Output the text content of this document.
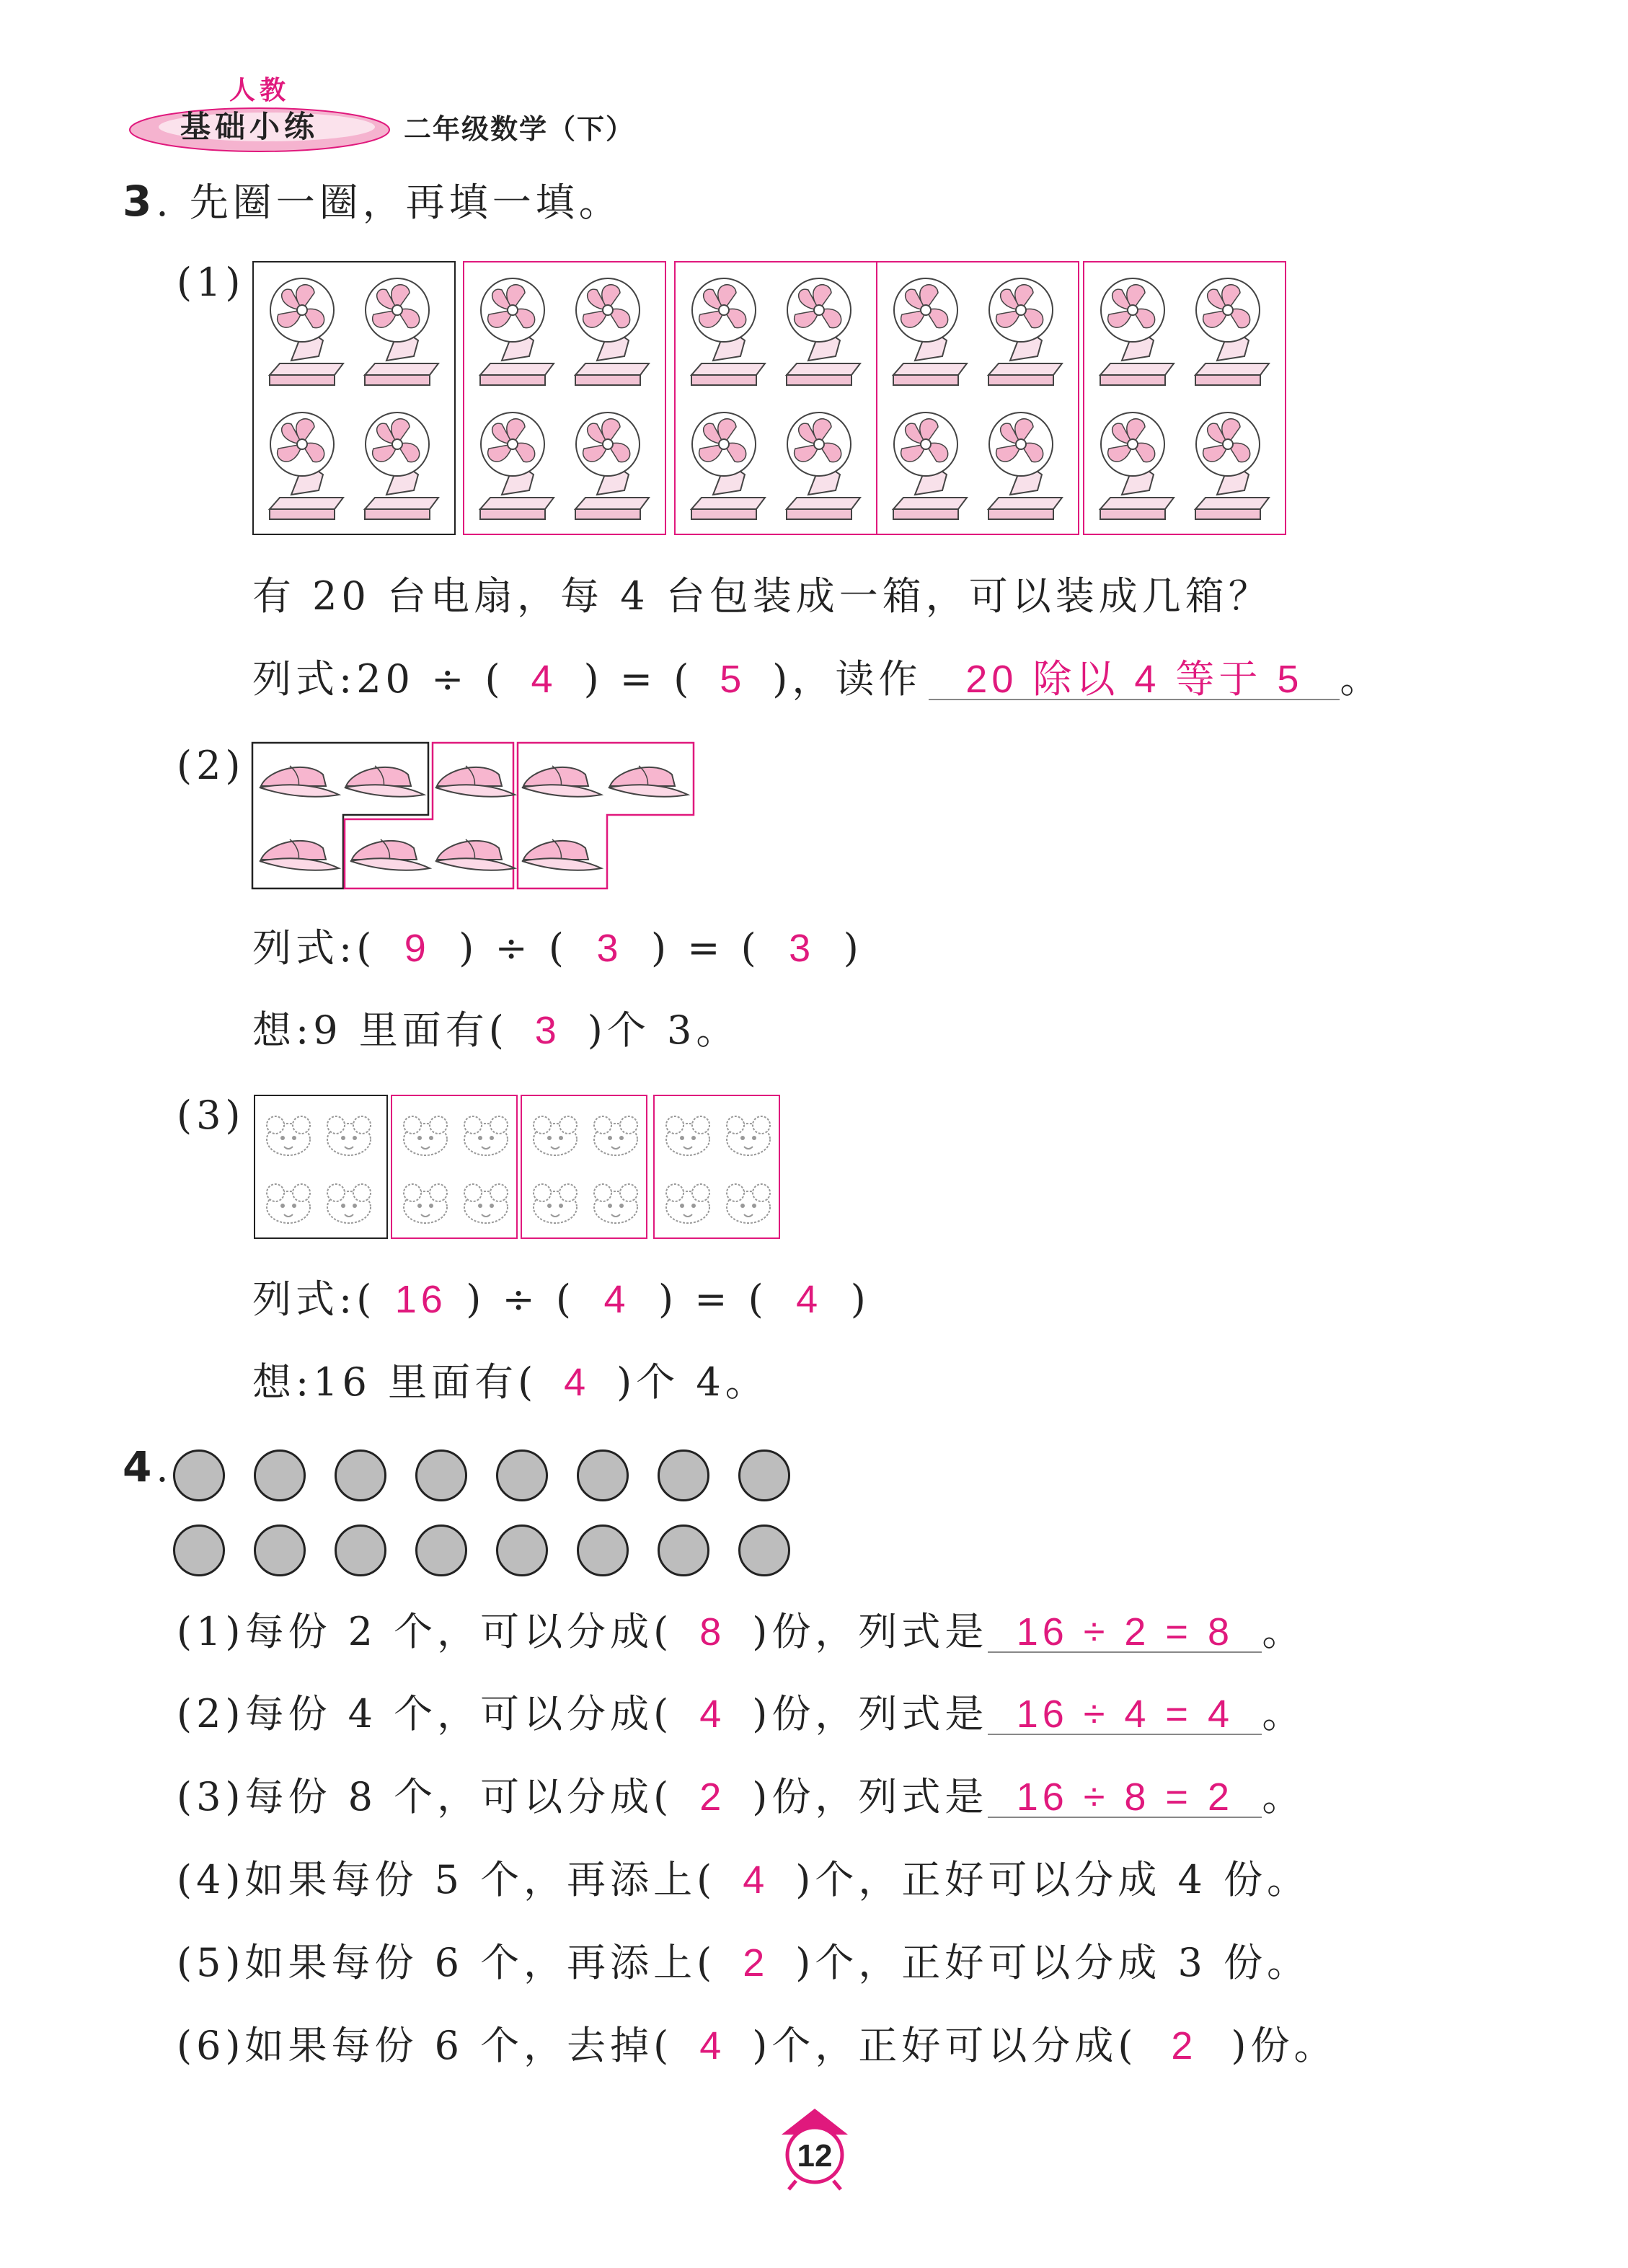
人教
基础小练	二年级数学（下）
3. 先圈一圈，再填一填。
(1)
有 20 台电扇，每 4 台包装成一箱，可以装成几箱？
列式:20 ÷ ( 4 ) = ( 5 )，读作 20 除以 4 等于 5 。
(2)
列式:( 9 ) ÷ ( 3 ) = ( 3 )
想:9 里面有( 3 )个 3。
(3)
列式:( 16 ) ÷ ( 4 ) = ( 4 )
想:16 里面有( 4 )个 4。
4.
(1)每份 2 个，可以分成( 8 )份，列式是 16 ÷ 2 = 8 。
(2)每份 4 个，可以分成( 4 )份，列式是 16 ÷ 4 = 4 。
(3)每份 8 个，可以分成( 2 )份，列式是 16 ÷ 8 = 2 。
(4)如果每份 5 个，再添上( 4 )个，正好可以分成 4 份。
(5)如果每份 6 个，再添上( 2 )个，正好可以分成 3 份。
(6)如果每份 6 个，去掉( 4 )个，正好可以分成( 2 )份。
12
